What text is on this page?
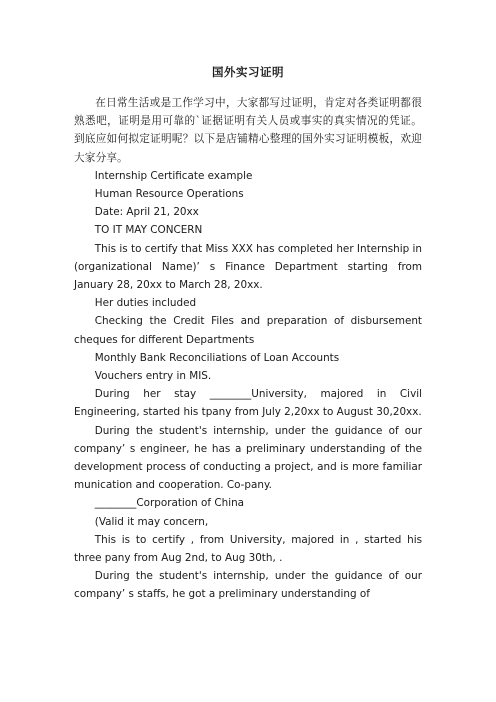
国外实习证明

在日常生活或是工作学习中，大家都写过证明，肯定对各类证明都很熟悉吧，证明是用可靠的`证据证明有关人员或事实的真实情况的凭证。到底应如何拟定证明呢？以下是店铺精心整理的国外实习证明模板，欢迎大家分享。

Internship Certificate example

Human Resource Operations

Date: April 21, 20xx

TO IT MAY CONCERN

This is to certify that Miss XXX has completed her Internship in (organizational Name)’ s Finance Department starting from January 28, 20xx to March 28, 20xx.

Her duties included

Checking the Credit Files and preparation of disbursement cheques for different Departments

Monthly Bank Reconciliations of Loan Accounts

Vouchers entry in MIS.

During her stay ________University, majored in Civil Engineering, started his tpany from July 2,20xx to August 30,20xx.

During the student's internship, under the guidance of our company’ s engineer, he has a preliminary understanding of the development process of conducting a project, and is more familiar munication and cooperation. Co-pany.

________Corporation of China

(Valid it may concern,

This is to certify , from University, majored in , started his three pany from Aug 2nd, to Aug 30th, .

During the student's internship, under the guidance of our company’ s staffs, he got a preliminary understanding of
